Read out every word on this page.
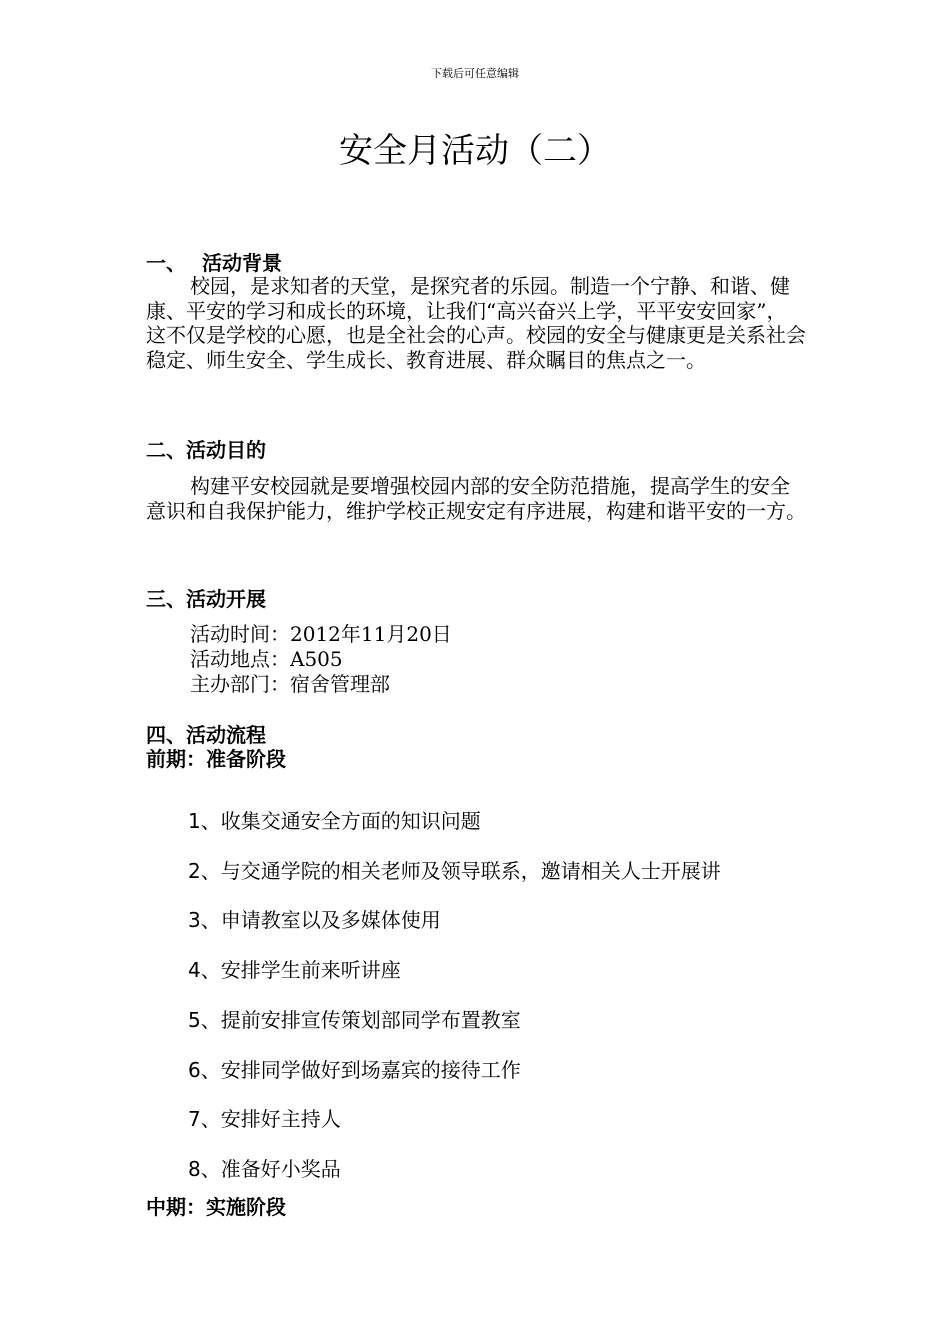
下载后可任意编辑
安全月活动（二）
一、 活动背景
校园，是求知者的天堂，是探究者的乐园。制造一个宁静、和谐、健康、平安的学习和成长的环境，让我们“高兴奋兴上学，平平安安回家”，这不仅是学校的心愿，也是全社会的心声。校园的安全与健康更是关系社会稳定、师生安全、学生成长、教育进展、群众瞩目的焦点之一。
二、活动目的
构建平安校园就是要增强校园内部的安全防范措施，提高学生的安全意识和自我保护能力，维护学校正规安定有序进展，构建和谐平安的一方。
三、活动开展
活动时间：2012年11月20日
活动地点：A505
主办部门：宿舍管理部
四、活动流程
前期：准备阶段
1、收集交通安全方面的知识问题
2、与交通学院的相关老师及领导联系，邀请相关人士开展讲
3、申请教室以及多媒体使用
4、安排学生前来听讲座
5、提前安排宣传策划部同学布置教室
6、安排同学做好到场嘉宾的接待工作
7、安排好主持人
8、准备好小奖品
中期：实施阶段
